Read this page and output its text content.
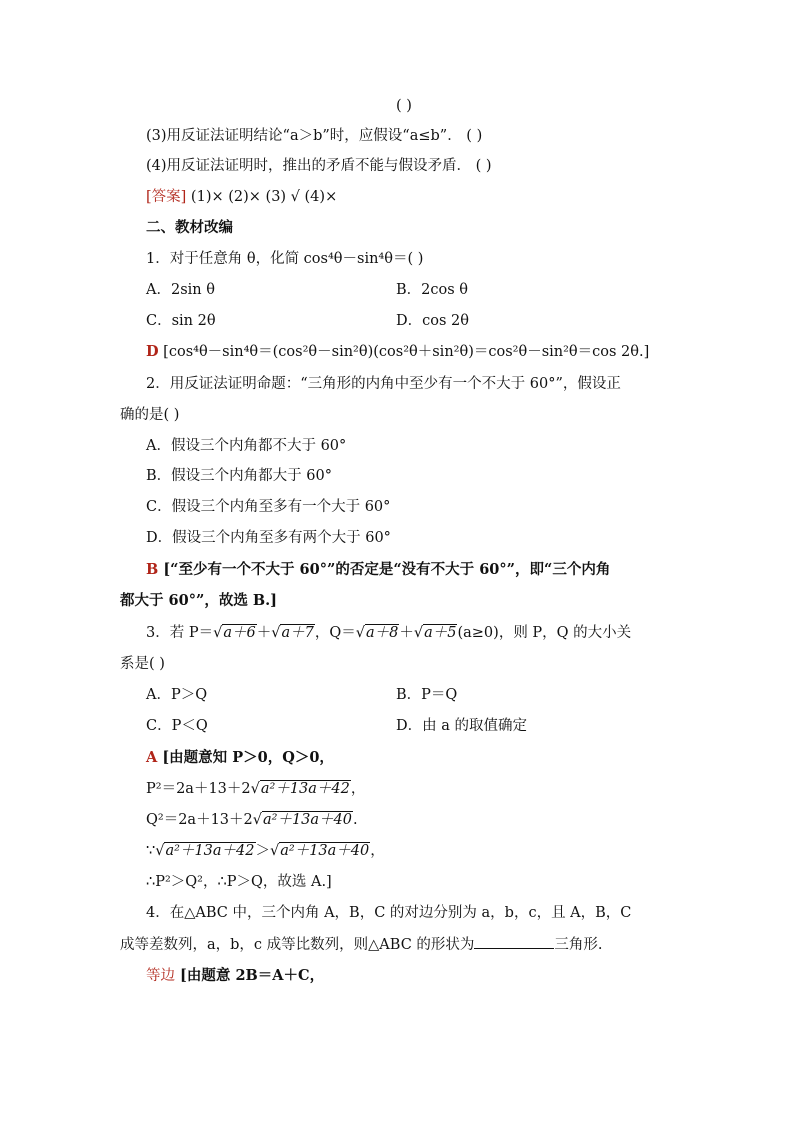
( )
(3)用反证法证明结论“a＞b”时，应假设“a≤b”． ( )
(4)用反证法证明时，推出的矛盾不能与假设矛盾． ( )
[答案] (1)× (2)× (3) √ (4)×
二、教材改编
1．对于任意角 θ，化简 cos⁴θ－sin⁴θ＝( )
A．2sin θ	B．2cos θ
C．sin 2θ	D．cos 2θ
D [cos⁴θ－sin⁴θ＝(cos²θ－sin²θ)(cos²θ＋sin²θ)＝cos²θ－sin²θ＝cos 2θ.]
2．用反证法证明命题：“三角形的内角中至少有一个不大于 60°”，假设正
确的是( )
A．假设三个内角都不大于 60°
B．假设三个内角都大于 60°
C．假设三个内角至多有一个大于 60°
D．假设三个内角至多有两个大于 60°
B [“至少有一个不大于 60°”的否定是“没有不大于 60°”，即“三个内角
都大于 60°”，故选 B.]
3．若 P＝√a＋6＋√a＋7，Q＝√a＋8＋√a＋5(a≥0)，则 P，Q 的大小关
系是( )
A．P＞Q	B．P＝Q
C．P＜Q	D．由 a 的取值确定
A [由题意知 P＞0，Q＞0，
P²＝2a＋13＋2√a²＋13a＋42，
Q²＝2a＋13＋2√a²＋13a＋40.
∵√a²＋13a＋42＞√a²＋13a＋40，
∴P²＞Q²，∴P＞Q，故选 A.]
4．在△ABC 中，三个内角 A，B，C 的对边分别为 a，b，c，且 A，B，C
成等差数列，a，b，c 成等比数列，则△ABC 的形状为	三角形.
等边 [由题意 2B＝A＋C，
